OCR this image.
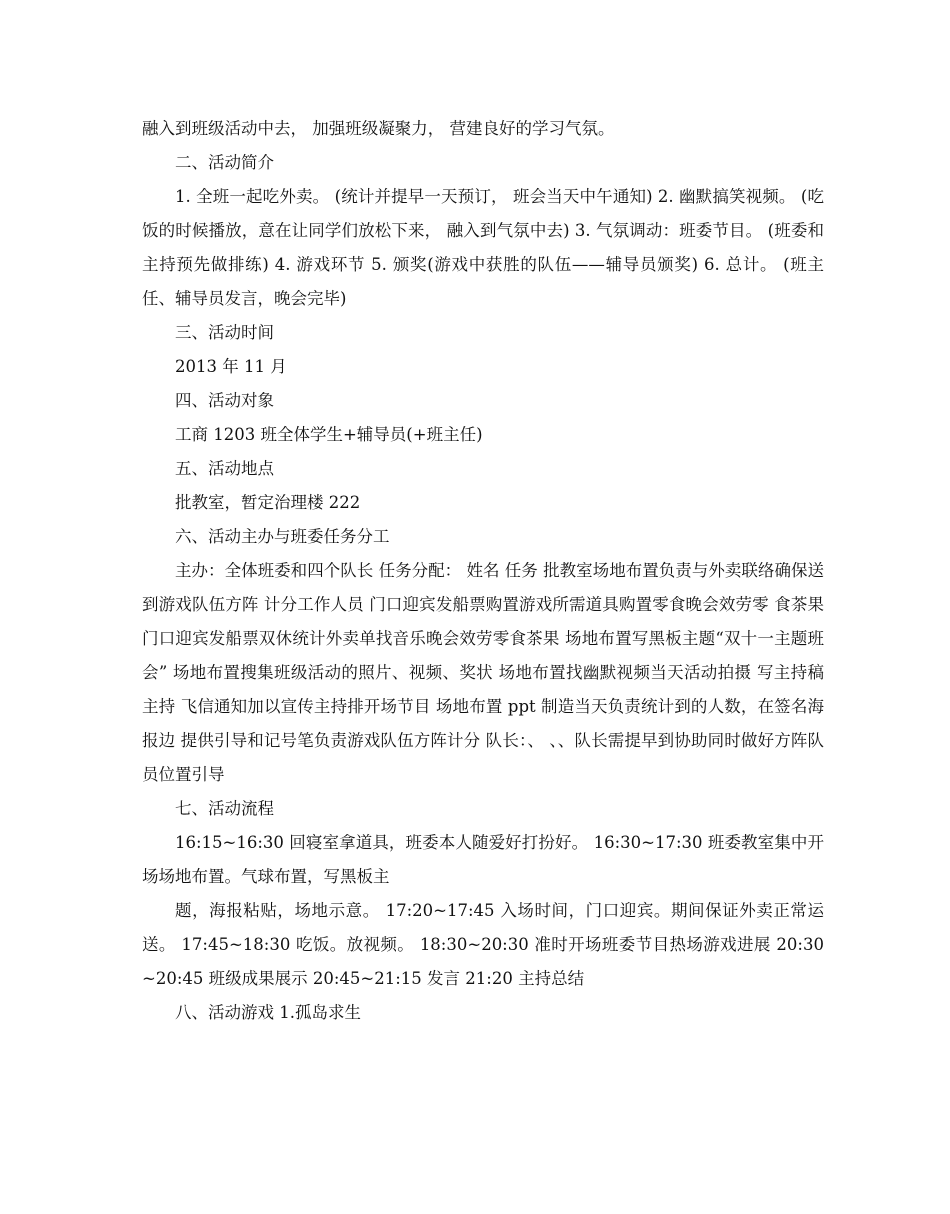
融入到班级活动中去， 加强班级凝聚力， 营建良好的学习气氛。

二、活动简介

1. 全班一起吃外卖。 (统计并提早一天预订， 班会当天中午通知) 2. 幽默搞笑视频。 (吃饭的时候播放，意在让同学们放松下来， 融入到气氛中去) 3. 气氛调动：班委节目。 (班委和主持预先做排练) 4. 游戏环节 5. 颁奖(游戏中获胜的队伍——辅导员颁奖) 6. 总计。 (班主任、辅导员发言，晚会完毕)

三、活动时间

2013 年 11 月

四、活动对象

工商 1203 班全体学生+辅导员(+班主任)

五、活动地点

批教室，暂定治理楼 222

六、活动主办与班委任务分工

主办：全体班委和四个队长 任务分配： 姓名 任务 批教室场地布置负责与外卖联络确保送到游戏队伍方阵 计分工作人员 门口迎宾发船票购置游戏所需道具购置零食晚会效劳零 食茶果 门口迎宾发船票双休统计外卖单找音乐晚会效劳零食茶果 场地布置写黑板主题“双十一主题班会” 场地布置搜集班级活动的照片、视频、奖状 场地布置找幽默视频当天活动拍摄 写主持稿主持 飞信通知加以宣传主持排开场节目 场地布置 ppt 制造当天负责统计到的人数，在签名海报边 提供引导和记号笔负责游戏队伍方阵计分 队长：、 、、队长需提早到协助同时做好方阵队员位置引导

七、活动流程

16:15~16:30 回寝室拿道具，班委本人随爱好打扮好。 16:30~17:30 班委教室集中开场场地布置。气球布置，写黑板主

题，海报粘贴，场地示意。 17:20~17:45 入场时间，门口迎宾。期间保证外卖正常运送。 17:45~18:30 吃饭。放视频。 18:30~20:30 准时开场班委节目热场游戏进展 20:30~20:45 班级成果展示 20:45~21:15 发言 21:20 主持总结

八、活动游戏 1.孤岛求生
